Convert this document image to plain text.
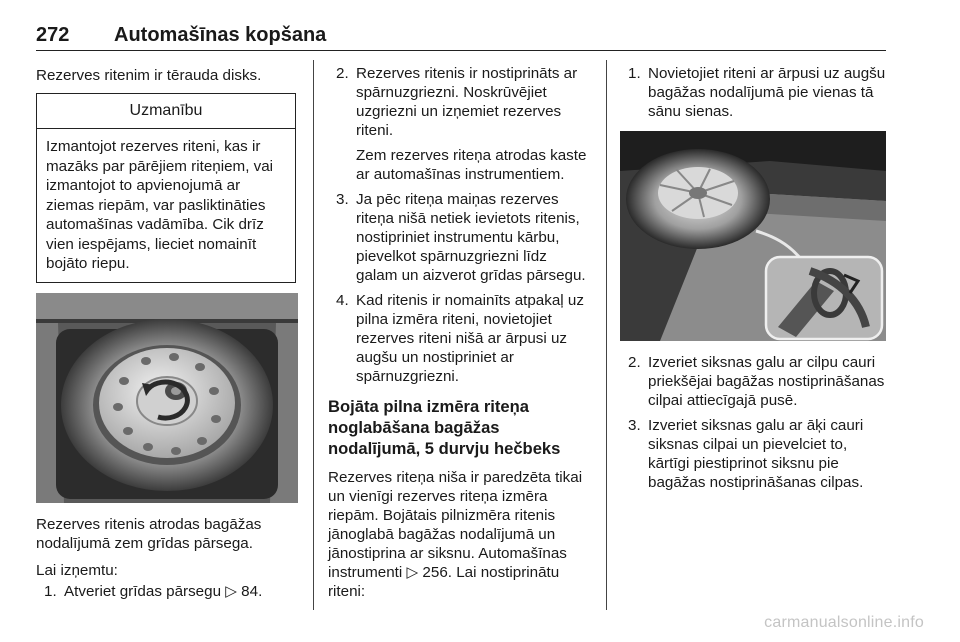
272 Automašīnas kopšana

Rezerves ritenim ir tērauda disks.

Uzmanību
Izmantojot rezerves riteni, kas ir mazāks par pārējiem riteņiem, vai izmantojot to apvienojumā ar ziemas riepām, var pasliktināties automašīnas vadāmība. Cik drīz vien iespējams, lieciet nomainīt bojāto riepu.

Rezerves ritenis atrodas bagāžas nodalījumā zem grīdas pārsega.

Lai izņemtu:

1. Atveriet grīdas pārsegu ▷ 84.
2. Rezerves ritenis ir nostiprināts ar spārnuzgriezni. Noskrūvējiet uzgriezni un izņemiet rezerves riteni.

Zem rezerves riteņa atrodas kaste ar automašīnas instrumentiem.

3. Ja pēc riteņa maiņas rezerves riteņa nišā netiek ievietots ritenis, nostipriniet instrumentu kārbu, pievelkot spārnuzgriezni līdz galam un aizverot grīdas pārsegu.
4. Kad ritenis ir nomainīts atpakaļ uz pilna izmēra riteni, novietojiet rezerves riteni nišā ar ārpusi uz augšu un nostipriniet ar spārnuzgriezni.
Bojāta pilna izmēra riteņa noglabāšana bagāžas nodalījumā, 5 durvju hečbeks

Rezerves riteņa niša ir paredzēta tikai un vienīgi rezerves riteņa izmēra riepām. Bojātais pilnizmēra ritenis jānoglabā bagāžas nodalījumā un jānostiprina ar siksnu. Automašīnas instrumenti ▷ 256. Lai nostiprinātu riteni:

1. Novietojiet riteni ar ārpusi uz augšu bagāžas nodalījumā pie vienas tā sānu sienas.
2. Izveriet siksnas galu ar cilpu cauri priekšējai bagāžas nostiprināšanas cilpai attiecīgajā pusē.
3. Izveriet siksnas galu ar āķi cauri siksnas cilpai un pievelciet to, kārtīgi piestiprinot siksnu pie bagāžas nostiprināšanas cilpas.
carmanualsonline.info
